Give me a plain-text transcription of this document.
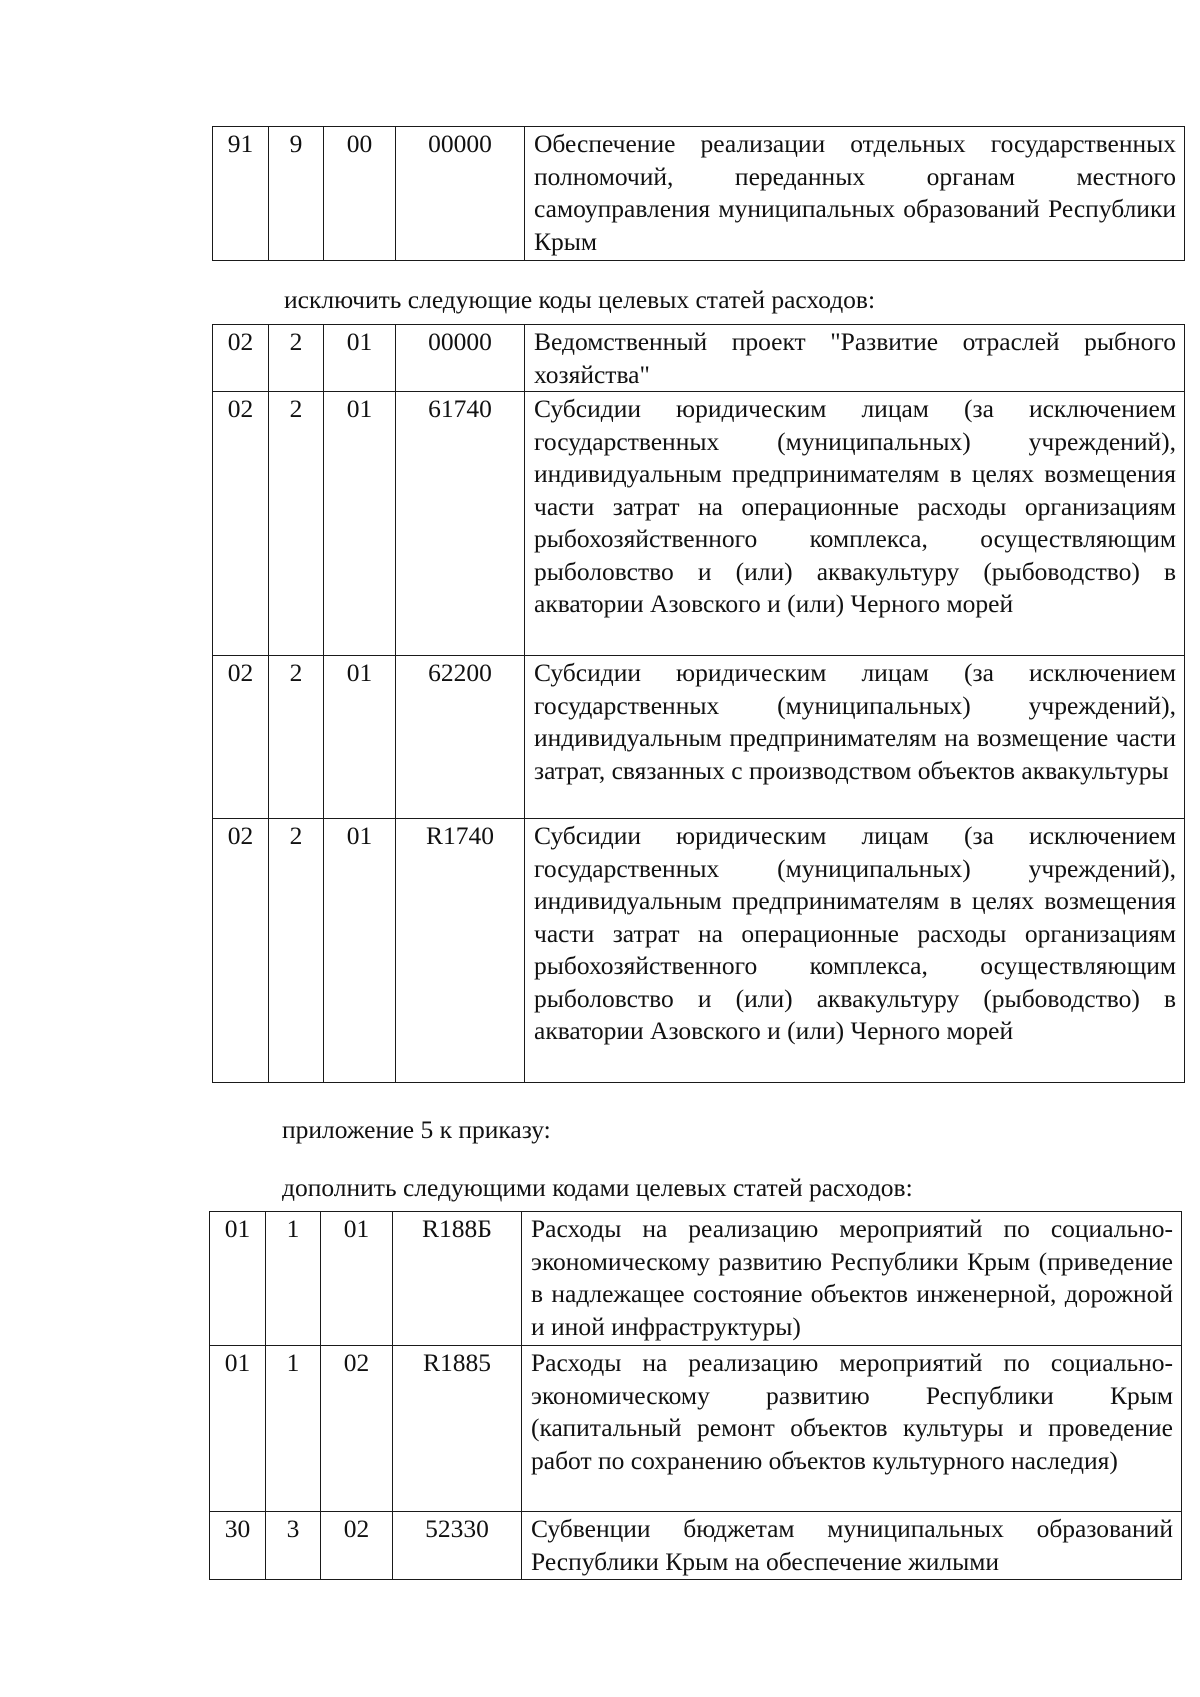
91	9	00	00000	Обеспечение реализации отдельных государственных полномочий, переданных органам местного самоуправления муниципальных образований Республики Крым
исключить следующие коды целевых статей расходов:
02	2	01	00000	Ведомственный проект "Развитие отраслей рыбного хозяйства"
02	2	01	61740	Субсидии юридическим лицам (за исключением государственных (муниципальных) учреждений), индивидуальным предпринимателям в целях возмещения части затрат на операционные расходы организациям рыбохозяйственного комплекса, осуществляющим рыболовство и (или) аквакультуру (рыбоводство) в акватории Азовского и (или) Черного морей
02	2	01	62200	Субсидии юридическим лицам (за исключением государственных (муниципальных) учреждений), индивидуальным предпринимателям на возмещение части затрат, связанных с производством объектов аквакультуры
02	2	01	R1740	Субсидии юридическим лицам (за исключением государственных (муниципальных) учреждений), индивидуальным предпринимателям в целях возмещения части затрат на операционные расходы организациям рыбохозяйственного комплекса, осуществляющим рыболовство и (или) аквакультуру (рыбоводство) в акватории Азовского и (или) Черного морей
приложение 5 к приказу:
дополнить следующими кодами целевых статей расходов:
01	1	01	R188Б	Расходы на реализацию мероприятий по социально-экономическому развитию Республики Крым (приведение в надлежащее состояние объектов инженерной, дорожной и иной инфраструктуры)
01	1	02	R1885	Расходы на реализацию мероприятий по социально-экономическому развитию Республики Крым (капитальный ремонт объектов культуры и проведение работ по сохранению объектов культурного наследия)
30	3	02	52330	Субвенции бюджетам муниципальных образований Республики Крым на обеспечение жилыми
